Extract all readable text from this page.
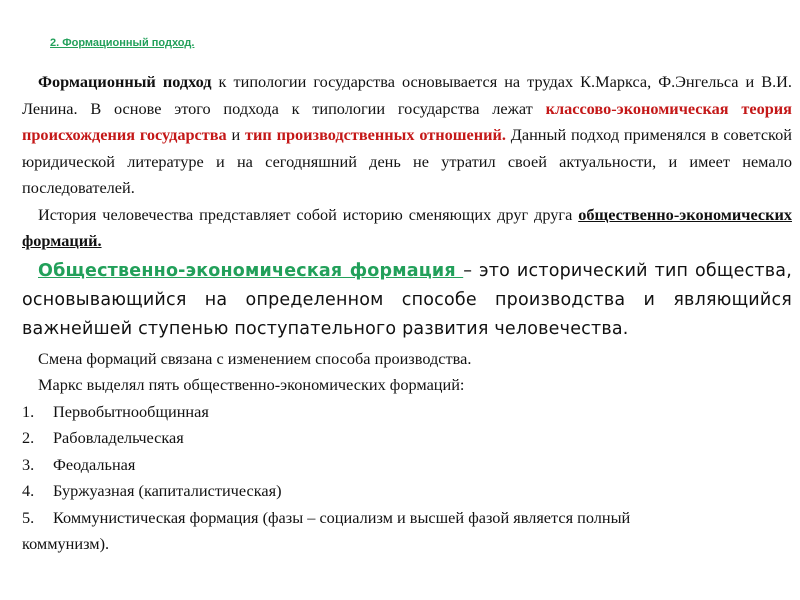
2. Формационный подход.

Формационный подход к типологии государства основывается на трудах К.Маркса, Ф.Энгельса и В.И. Ленина. В основе этого подхода к типологии государства лежат классово-экономическая теория происхождения государства и тип производственных отношений. Данный подход применялся в советской юридической литературе и на сегодняшний день не утратил своей актуальности, и имеет немало последователей.

История человечества представляет собой историю сменяющих друг друга общественно-экономических формаций.

Общественно-экономическая формация – это исторический тип общества, основывающийся на определенном способе производства и являющийся важнейшей ступенью поступательного развития человечества.

Смена формаций связана с изменением способа производства.

Маркс выделял пять общественно-экономических формаций:

1.	Первобытнообщинная
2.	Рабовладельческая
3.	Феодальная
4.	Буржуазная (капиталистическая)
5.	Коммунистическая формация (фазы – социализм и высшей фазой является полный
коммунизм).
